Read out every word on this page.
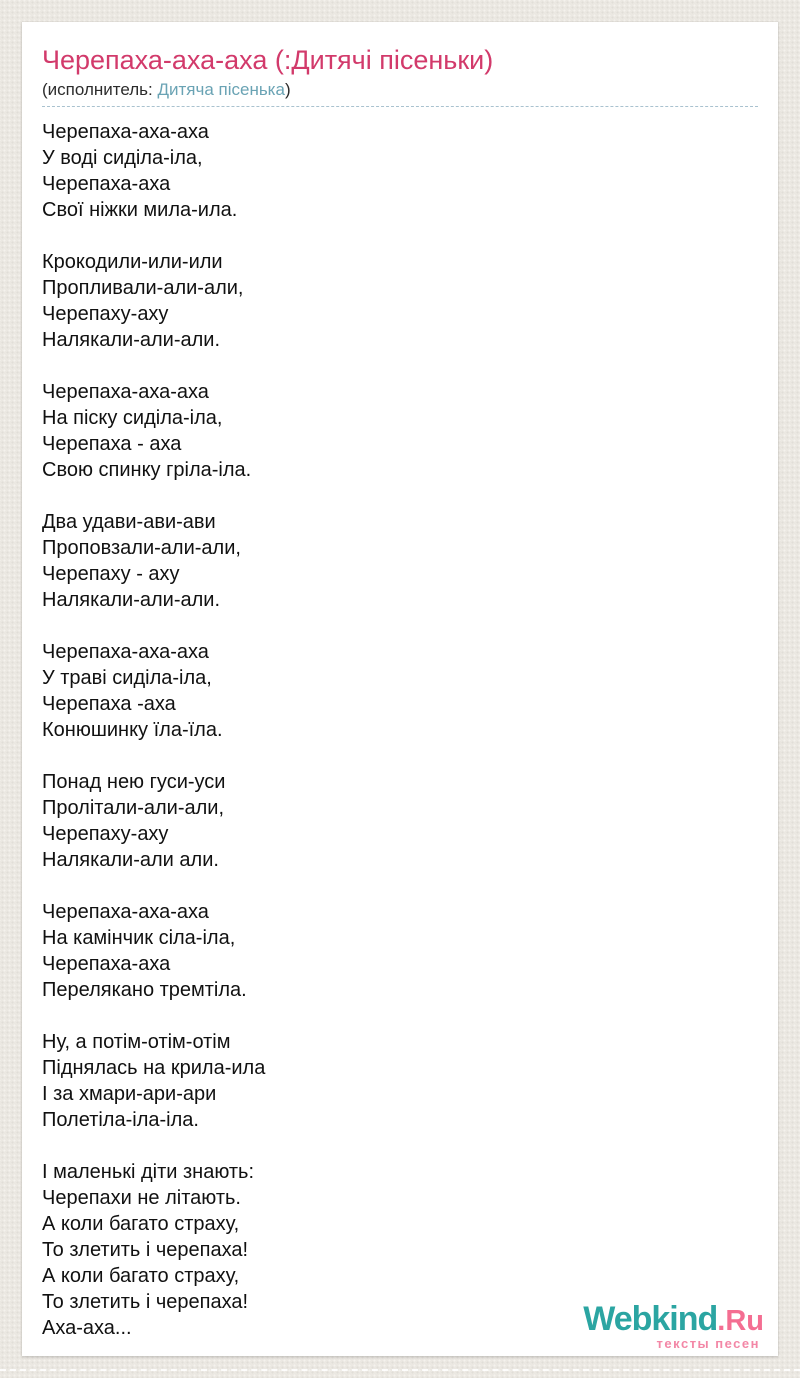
Черепаха-аха-аха (:Дитячі пісеньки)
(исполнитель: Дитяча пісенька)
Черепаха-аха-аха
У воді сиділа-іла,
Черепаха-аха
Свої ніжки мила-ила.
Крокодили-или-или
Пропливали-али-али,
Черепаху-аху
Налякали-али-али.
Черепаха-аха-аха
На піску сиділа-іла,
Черепаха - аха
Свою спинку гріла-іла.
Два удави-ави-ави
Проповзали-али-али,
Черепаху - аху
Налякали-али-али.
Черепаха-аха-аха
У траві сиділа-іла,
Черепаха -аха
Конюшинку їла-їла.
Понад нею гуси-уси
Пролітали-али-али,
Черепаху-аху
Налякали-али али.
Черепаха-аха-аха
На камінчик сіла-іла,
Черепаха-аха
Перелякано тремтіла.
Ну, а потім-отім-отім
Піднялась на крила-ила
І за хмари-ари-ари
Полетіла-іла-іла.
І маленькі діти знають:
Черепахи не літають.
А коли багато страху,
То злетить і черепаха!
А коли багато страху,
То злетить і черепаха!
Аха-аха...	Webkind.Ru
тексты песен
